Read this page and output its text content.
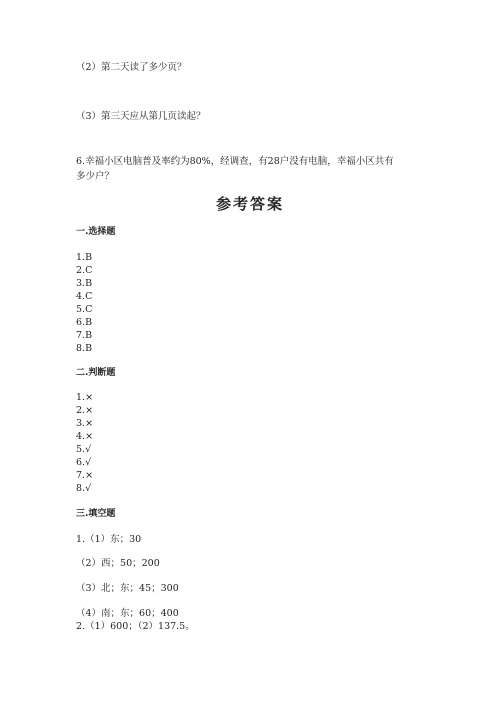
（2）第二天读了多少页？
（3）第三天应从第几页读起？
6.幸福小区电脑普及率约为80%，经调查，有28户没有电脑，幸福小区共有
多少户？
参考答案
一.选择题
1.B
2.C
3.B
4.C
5.C
6.B
7.B
8.B
二.判断题
1.×
2.×
3.×
4.×
5.√
6.√
7.×
8.√
三.填空题
1.（1）东；30
（2）西；50；200
（3）北；东；45；300
（4）南；东；60；400
2.（1）600；（2）137.5。
